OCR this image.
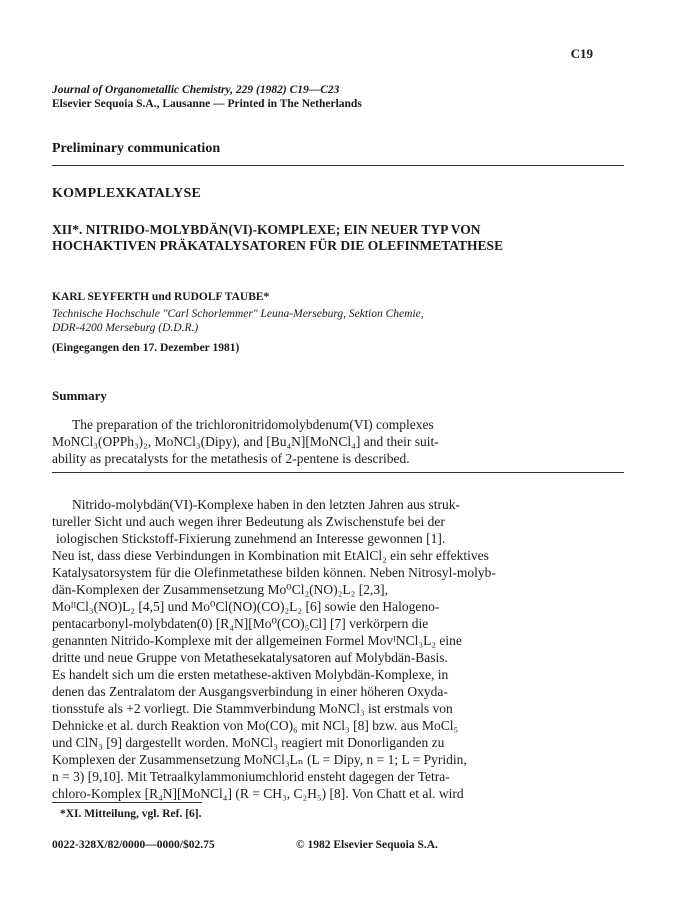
C19
Journal of Organometallic Chemistry, 229 (1982) C19—C23
Elsevier Sequoia S.A., Lausanne — Printed in The Netherlands
Preliminary communication
KOMPLEXKATALYSE
XII*. NITRIDO-MOLYBDÄN(VI)-KOMPLEXE; EIN NEUER TYP VON
HOCHAKTIVEN PRÄKATALYSATOREN FÜR DIE OLEFINMETATHESE
KARL SEYFERTH und RUDOLF TAUBE*
Technische Hochschule "Carl Schorlemmer" Leuna-Merseburg, Sektion Chemie,
DDR-4200 Merseburg (D.D.R.)
(Eingegangen den 17. Dezember 1981)
Summary
The preparation of the trichloronitridomolybdenum(VI) complexes
MoNCl₃(OPPh₃)₂, MoNCl₃(Dipy), and [Bu₄N][MoNCl₄] and their suit-
ability as precatalysts for the metathesis of 2-pentene is described.
Nitrido-molybdän(VI)-Komplexe haben in den letzten Jahren aus struk-
tureller Sicht und auch wegen ihrer Bedeutung als Zwischenstufe bei der
iologischen Stickstoff-Fixierung zunehmend an Interesse gewonnen [1].
Neu ist, dass diese Verbindungen in Kombination mit EtAlCl₂ ein sehr effektives
Katalysatorsystem für die Olefinmetathese bilden können. Neben Nitrosyl-molyb-
dän-Komplexen der Zusammensetzung Mo⁰Cl₂(NO)₂L₂ [2,3],
MoᴵᴵCl₃(NO)L₂ [4,5] und Mo⁰Cl(NO)(CO)₂L₂ [6] sowie den Halogeno-
pentacarbonyl-molybdaten(0) [R₄N][Mo⁰(CO)₅Cl] [7] verkörpern die
genannten Nitrido-Komplexe mit der allgemeinen Formel MoᴠᴵNCl₃L₂ eine
dritte und neue Gruppe von Metathesekatalysatoren auf Molybdän-Basis.
Es handelt sich um die ersten metathese-aktiven Molybdän-Komplexe, in
denen das Zentralatom der Ausgangsverbindung in einer höheren Oxyda-
tionsstufe als +2 vorliegt. Die Stammverbindung MoNCl₃ ist erstmals von
Dehnicke et al. durch Reaktion von Mo(CO)₆ mit NCl₃ [8] bzw. aus MoCl₅
und ClN₃ [9] dargestellt worden. MoNCl₃ reagiert mit Donorliganden zu
Komplexen der Zusammensetzung MoNCl₃Lₙ (L = Dipy, n = 1; L = Pyridin,
n = 3) [9,10]. Mit Tetraalkylammoniumchlorid ensteht dagegen der Tetra-
chloro-Komplex [R₄N][MoNCl₄] (R = CH₃, C₂H₅) [8]. Von Chatt et al. wird
*XI. Mitteilung, vgl. Ref. [6].
0022-328X/82/0000—0000/$02.75	© 1982 Elsevier Sequoia S.A.
